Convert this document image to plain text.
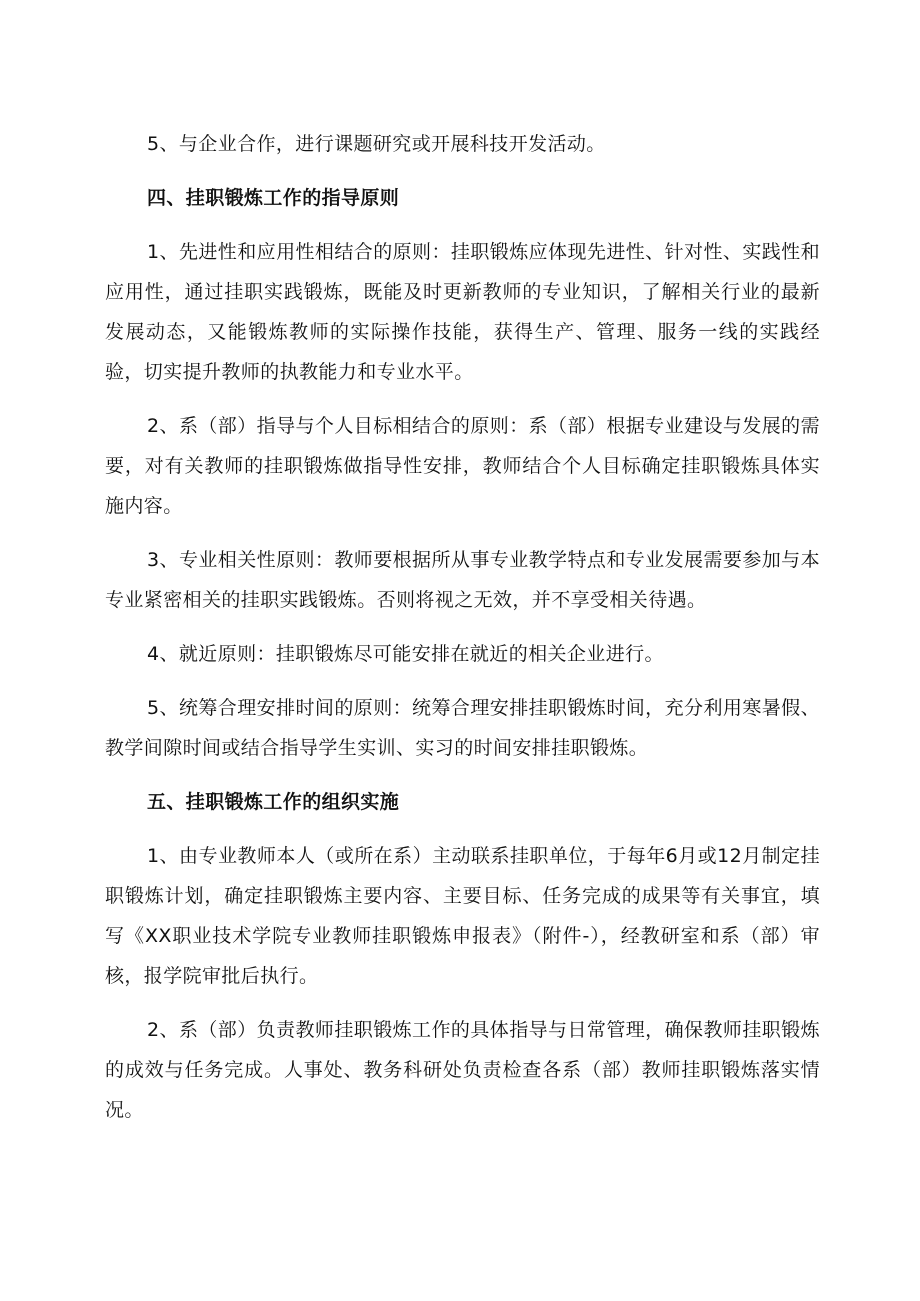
5、与企业合作，进行课题研究或开展科技开发活动。

四、挂职锻炼工作的指导原则

1、先进性和应用性相结合的原则：挂职锻炼应体现先进性、针对性、实践性和应用性，通过挂职实践锻炼，既能及时更新教师的专业知识，了解相关行业的最新发展动态，又能锻炼教师的实际操作技能，获得生产、管理、服务一线的实践经验，切实提升教师的执教能力和专业水平。

2、系（部）指导与个人目标相结合的原则：系（部）根据专业建设与发展的需要，对有关教师的挂职锻炼做指导性安排，教师结合个人目标确定挂职锻炼具体实施内容。

3、专业相关性原则：教师要根据所从事专业教学特点和专业发展需要参加与本专业紧密相关的挂职实践锻炼。否则将视之无效，并不享受相关待遇。

4、就近原则：挂职锻炼尽可能安排在就近的相关企业进行。

5、统筹合理安排时间的原则：统筹合理安排挂职锻炼时间，充分利用寒暑假、教学间隙时间或结合指导学生实训、实习的时间安排挂职锻炼。

五、挂职锻炼工作的组织实施

1、由专业教师本人（或所在系）主动联系挂职单位，于每年6月或12月制定挂职锻炼计划，确定挂职锻炼主要内容、主要目标、任务完成的成果等有关事宜，填写《XX职业技术学院专业教师挂职锻炼申报表》（附件-），经教研室和系（部）审核，报学院审批后执行。

2、系（部）负责教师挂职锻炼工作的具体指导与日常管理，确保教师挂职锻炼的成效与任务完成。人事处、教务科研处负责检查各系（部）教师挂职锻炼落实情况。
